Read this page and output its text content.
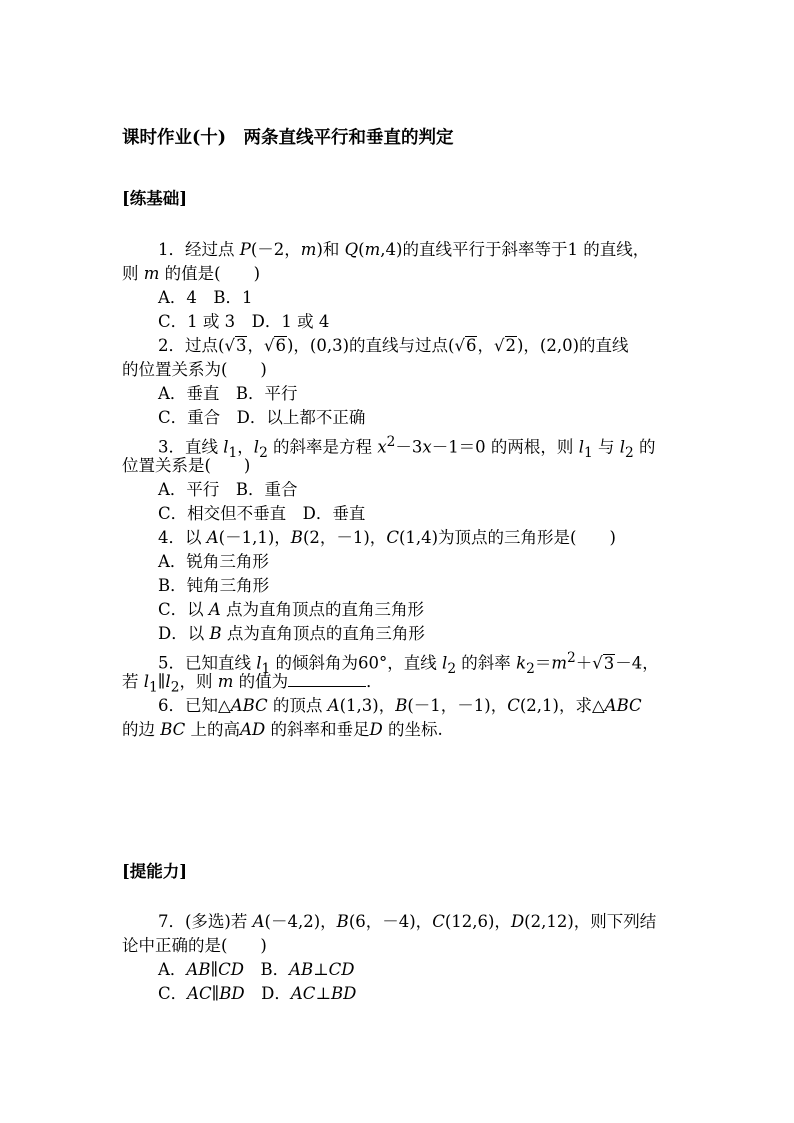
课时作业(十)　两条直线平行和垂直的判定
[练基础]
1．经过点 P(－2，m)和 Q(m,4)的直线平行于斜率等于1 的直线，
则 m 的值是(　　)
A．4　B．1
C．1 或 3　D．1 或 4
2．过点(√3，√6)，(0,3)的直线与过点(√6，√2)，(2,0)的直线
的位置关系为(　　)
A．垂直　B．平行
C．重合　D．以上都不正确
3．直线 $l_1$，$l_2$ 的斜率是方程 $x^2-3x-1=0$ 的两根，则 $l_1$ 与 $l_2$ 的
位置关系是(　　)
A．平行　B．重合
C．相交但不垂直　D．垂直
4．以 A(－1,1)，B(2，－1)，C(1,4)为顶点的三角形是(　　)
A．锐角三角形
B．钝角三角形
C．以 A 点为直角顶点的直角三角形
D．以 B 点为直角顶点的直角三角形
5．已知直线 $l_1$ 的倾斜角为60°，直线 $l_2$ 的斜率 $k_2=m^2+√3-4$，
若 $l_1\parallel l_2$，则 m 的值为	．
6．已知△ABC 的顶点 A(1,3)，B(－1，－1)，C(2,1)，求△ABC
的边 BC 上的高AD 的斜率和垂足D 的坐标.
[提能力]
7．(多选)若 A(－4,2)，B(6，－4)，C(12,6)，D(2,12)，则下列结
论中正确的是(　　)
A．AB∥CD　B．AB⊥CD
C．AC∥BD　D．AC⊥BD
